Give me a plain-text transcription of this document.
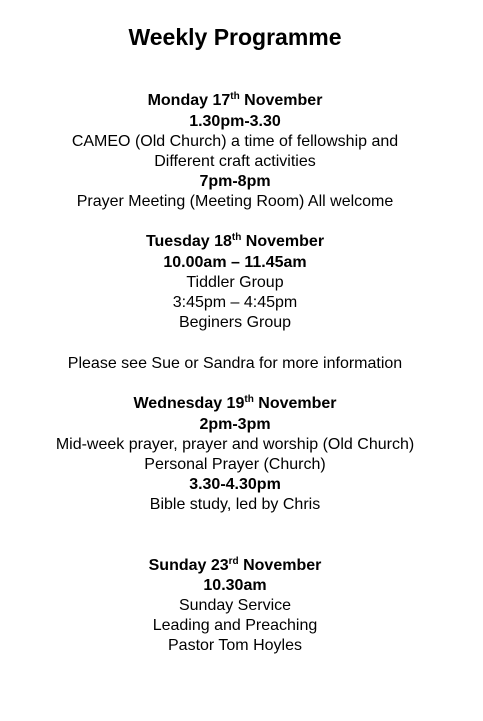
Weekly Programme
Monday 17th November
1.30pm-3.30
CAMEO (Old Church) a time of fellowship and
Different craft activities
7pm-8pm
Prayer Meeting (Meeting Room) All welcome
Tuesday 18th November
10.00am – 11.45am
Tiddler Group
3:45pm – 4:45pm
Beginers Group
Please see Sue or Sandra for more information
Wednesday 19th November
2pm-3pm
Mid-week prayer, prayer and worship (Old Church)
Personal Prayer (Church)
3.30-4.30pm
Bible study, led by Chris
Sunday 23rd November
10.30am
Sunday Service
Leading and Preaching
Pastor Tom Hoyles
